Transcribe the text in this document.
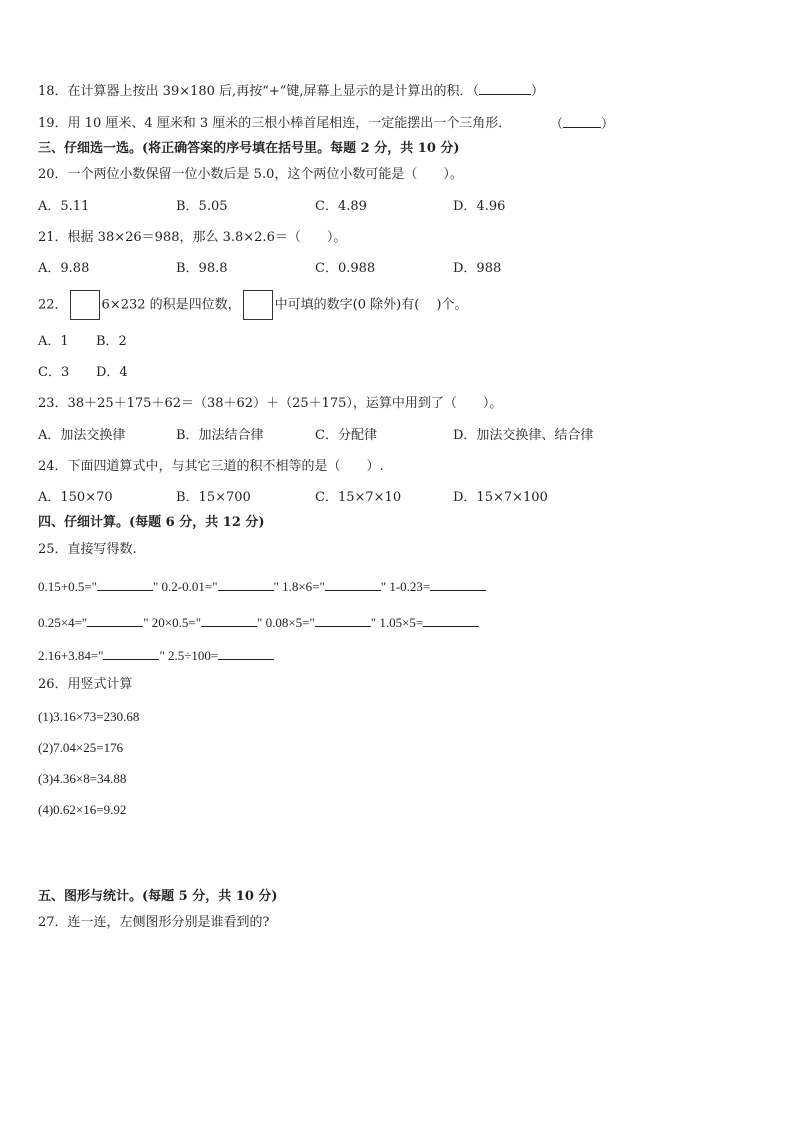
18．在计算器上按出 39×180 后,再按“+”键,屏幕上显示的是计算出的积．（	）
19．用 10 厘米、4 厘米和 3 厘米的三根小棒首尾相连，一定能摆出一个三角形．	（	）
三、仔细选一选。(将正确答案的序号填在括号里。每题 2 分，共 10 分)
20．一个两位小数保留一位小数后是 5.0，这个两位小数可能是（　　）。
A．5.11	B．5.05	C．4.89	D．4.96
21．根据 38×26＝988，那么 3.8×2.6＝（　　）。
A．9.88	B．98.8	C．0.988	D．988
22．	6×232 的积是四位数，	中可填的数字(0 除外)有(　 )个。
A．1 B．2
C．3 D．4
23．38＋25＋175＋62＝（38＋62）＋（25＋175），运算中用到了（　　）。
A．加法交换律	B．加法结合律	C．分配律	D．加法交换律、结合律
24．下面四道算式中，与其它三道的积不相等的是（　　）.
A．150×70	B．15×700	C．15×7×10	D．15×7×100
四、仔细计算。(每题 6 分，共 12 分)
25．直接写得数.
0.15+0.5="	" 0.2-0.01="	" 1.8×6="	" 1-0.23=
0.25×4="	" 20×0.5="	" 0.08×5="	" 1.05×5=
2.16+3.84="	" 2.5÷100=
26．用竖式计算
(1)3.16×73=230.68
(2)7.04×25=176
(3)4.36×8=34.88
(4)0.62×16=9.92
五、图形与统计。(每题 5 分，共 10 分)
27．连一连，左侧图形分别是谁看到的?
